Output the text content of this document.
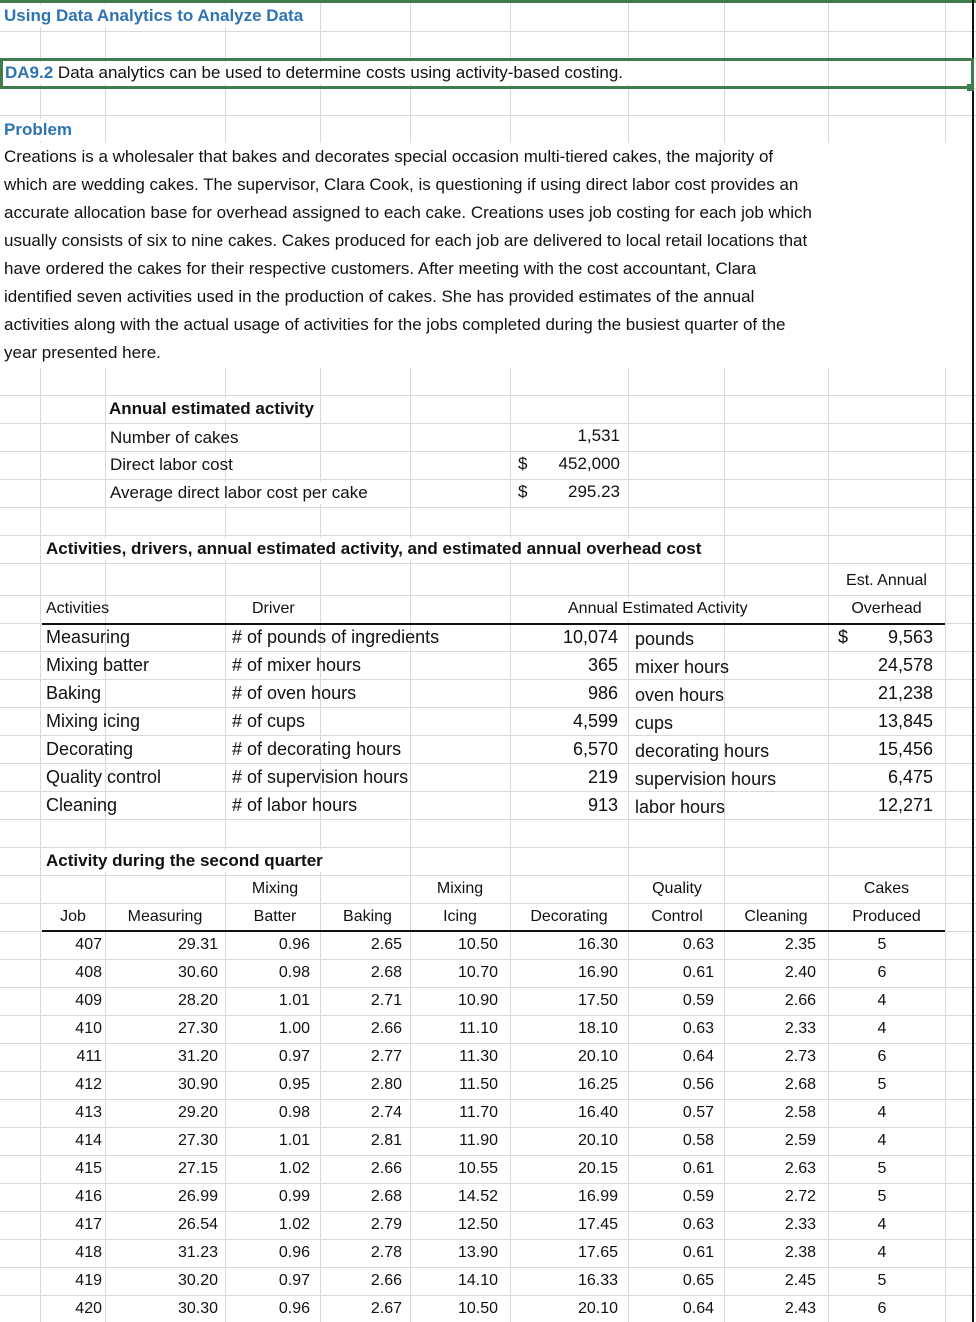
Using Data Analytics to Analyze Data
DA9.2 Data analytics can be used to determine costs using activity-based costing.
Problem
Creations is a wholesaler that bakes and decorates special occasion multi-tiered cakes, the majority of
which are wedding cakes. The supervisor, Clara Cook, is questioning if using direct labor cost provides an
accurate allocation base for overhead assigned to each cake. Creations uses job costing for each job which
usually consists of six to nine cakes. Cakes produced for each job are delivered to local retail locations that
have ordered the cakes for their respective customers. After meeting with the cost accountant, Clara
identified seven activities used in the production of cakes. She has provided estimates of the annual
activities along with the actual usage of activities for the jobs completed during the busiest quarter of the
year presented here.
Annual estimated activity
Number of cakes	1,531
Direct labor cost	$	452,000
Average direct labor cost per cake	$	295.23
Activities, drivers, annual estimated activity, and estimated annual overhead cost
Est. Annual
Activities	Driver	Annual Estimated Activity	Overhead
Measuring	# of pounds of ingredients	10,074 pounds	$	9,563
Mixing batter	# of mixer hours	365 mixer hours	24,578
Baking	# of oven hours	986 oven hours	21,238
Mixing icing	# of cups	4,599 cups	13,845
Decorating	# of decorating hours	6,570 decorating hours	15,456
Quality control	# of supervision hours	219 supervision hours	6,475
Cleaning	# of labor hours	913 labor hours	12,271
Activity during the second quarter
Mixing	Mixing	Quality	Cakes
Job	Measuring	Batter	Baking	Icing	Decorating	Control	Cleaning	Produced
407	29.31	0.96	2.65	10.50	16.30	0.63	2.35	5
408	30.60	0.98	2.68	10.70	16.90	0.61	2.40	6
409	28.20	1.01	2.71	10.90	17.50	0.59	2.66	4
410	27.30	1.00	2.66	11.10	18.10	0.63	2.33	4
411	31.20	0.97	2.77	11.30	20.10	0.64	2.73	6
412	30.90	0.95	2.80	11.50	16.25	0.56	2.68	5
413	29.20	0.98	2.74	11.70	16.40	0.57	2.58	4
414	27.30	1.01	2.81	11.90	20.10	0.58	2.59	4
415	27.15	1.02	2.66	10.55	20.15	0.61	2.63	5
416	26.99	0.99	2.68	14.52	16.99	0.59	2.72	5
417	26.54	1.02	2.79	12.50	17.45	0.63	2.33	4
418	31.23	0.96	2.78	13.90	17.65	0.61	2.38	4
419	30.20	0.97	2.66	14.10	16.33	0.65	2.45	5
420	30.30	0.96	2.67	10.50	20.10	0.64	2.43	6
